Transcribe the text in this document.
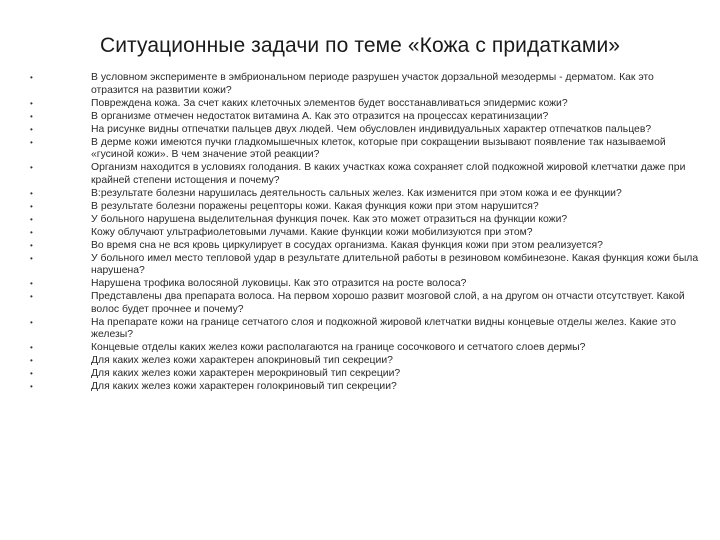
Ситуационные задачи по теме «Кожа с придатками»
•	В условном эксперименте в эмбриональном периоде разрушен участок дорзальной мезодермы - дерматом. Как это отразится на развитии кожи?
•	Повреждена кожа. За счет каких клеточных элементов будет восстанавливаться эпидермис кожи?
•	В организме отмечен недостаток витамина А. Как это отразится на процессах кератинизации?
•	На рисунке видны отпечатки пальцев двух людей. Чем обусловлен индивидуальных характер отпечатков пальцев?
•	В дерме кожи имеются пучки гладкомышечных клеток, которые при сокращении вызывают появление так называемой «гусиной кожи». В чем значение этой реакции?
•	Организм находится в условиях голодания. В каких участках кожа сохраняет слой подкожной жировой клетчатки даже при крайней степени истощения и почему?
•	В:результате болезни нарушилась деятельность сальных желез. Как изменится при этом кожа и ее функции?
•	В результате болезни поражены рецепторы кожи. Какая функция кожи при этом нарушится?
•	У больного нарушена выделительная функция почек. Как это может отразиться на функции кожи?
•	Кожу облучают ультрафиолетовыми лучами. Какие функции кожи мобилизуются при этом?
•	Во время сна не вся кровь циркулирует в сосудах организма. Какая функция кожи при этом реализуется?
•	У больного имел место тепловой удар в результате длительной работы в резиновом комбинезоне. Какая функция кожи была нарушена?
•	Нарушена трофика волосяной луковицы. Как это отразится на росте волоса?
•	Представлены два препарата волоса. На первом хорошо развит мозговой слой, а на другом он отчасти отсутствует. Какой волос будет прочнее и почему?
•	На препарате кожи на границе сетчатого слоя и подкожной жировой клетчатки видны концевые отделы желез. Какие это железы?
•	Концевые отделы каких желез кожи располагаются на границе сосочкового и сетчатого слоев дермы?
•	Для каких желез кожи характерен апокриновый тип секреции?
•	Для каких желез кожи характерен мерокриновый тип секреции?
•	Для каких желез кожи характерен голокриновый тип секреции?
